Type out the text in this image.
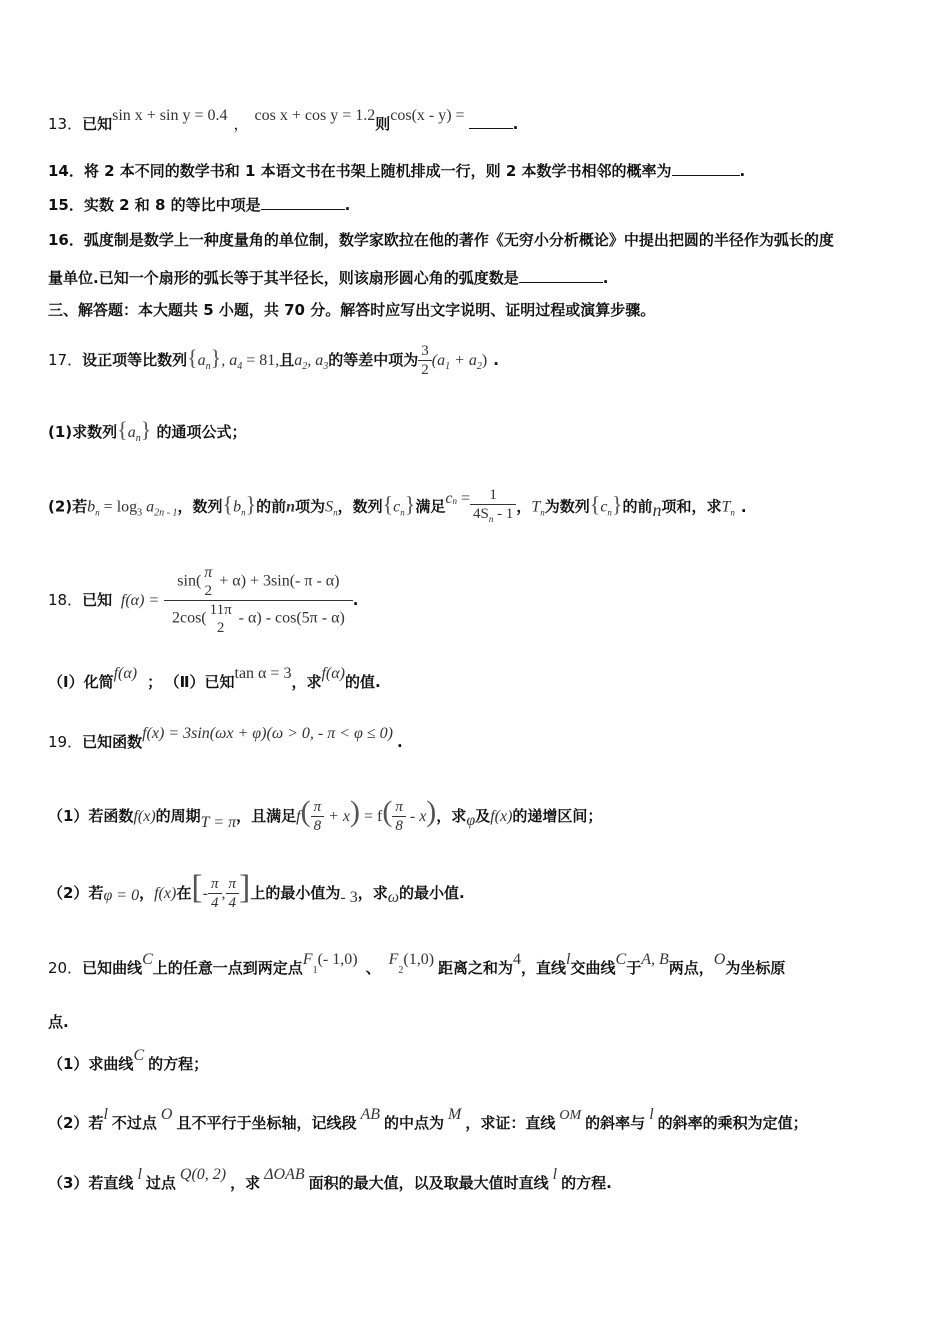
13．已知sin x + sin y = 0.4 ， cos x + cos y = 1.2则cos(x - y) =	.
14．将 2 本不同的数学书和 1 本语文书在书架上随机排成一行，则 2 本数学书相邻的概率为	.
15．实数 2 和 8 的等比中项是	.
16．弧度制是数学上一种度量角的单位制，数学家欧拉在他的著作《无穷小分析概论》中提出把圆的半径作为弧长的度
量单位.已知一个扇形的弧长等于其半径长，则该扇形圆心角的弧度数是	.
三、解答题：本大题共 5 小题，共 70 分。解答时应写出文字说明、证明过程或演算步骤。
17．设正项等比数列$\{a_n\}$, $a_4 = 81$,且$a_2$, $a_3$的等差中项为 $\frac{3}{2} (a_1 + a_2)$ .
(1)求数列$\{a_n\}$ 的通项公式；
(2)若$b_n = \log_3 a_{2n - 1}$，数列$\{b_n\}$的前n项为$S_n$，数列$\{c_n\}$满足$c_n = \frac{1}{4S_n - 1}$ ，$T_n$为数列$\{c_n\}$的前n项和，求$T_n$ .
18．已知 f(α) = sin(
π
2
+ α) + 3sin(- π - α)
2cos( 11π
2
- α) - cos(5π - α) .
（Ⅰ）化简f(α) ； （Ⅱ）已知tan α = 3，求f(α)的值.
19．已知函数f(x) = 3sin(ωx + φ)(ω > 0, - π < φ ≤ 0) .
（1）若函数f(x)的周期T = π，且满足$f( \frac{\pi}{8} + x) = f( \frac{\pi}{8} - x)$，求φ及f(x)的递增区间；
（2）若φ = 0，f(x)在[- $\frac{\pi}{4}$ , $\frac{\pi}{4}$ ]上的最小值为- 3，求ω的最小值.
20．已知曲线C上的任意一点到两定点$F_1(-$ 1,0) 、 $F_2(1,0)$ 距离之和为4，直线l交曲线C于A, B两点，O为坐标原
点.
（1）求曲线C 的方程；
（2）若l 不过点 O 且不平行于坐标轴，记线段 AB 的中点为 M ，求证：直线 OM 的斜率与 l 的斜率的乘积为定值；
（3）若直线 l 过点 Q(0, 2) ，求 ΔOAB 面积的最大值，以及取最大值时直线 l 的方程.
